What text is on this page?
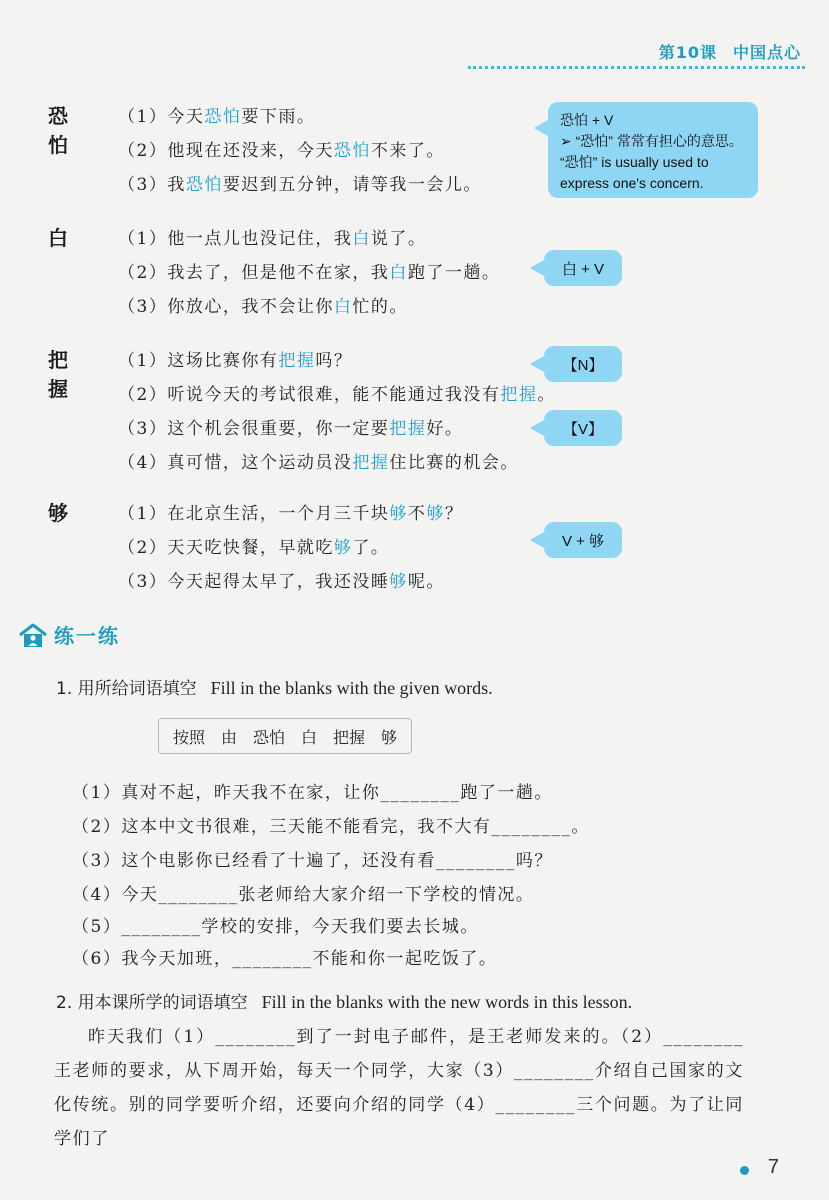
第10课 中国点心
恐怕
（1）今天恐怕要下雨。
（2）他现在还没来，今天恐怕不来了。
（3）我恐怕要迟到五分钟，请等我一会儿。
恐怕 + V
➢ “恐怕” 常常有担心的意思。
“恐怕” is usually used to express one's concern.
白	（1）他一点儿也没记住，我白说了。
（2）我去了，但是他不在家，我白跑了一趟。
（3）你放心，我不会让你白忙的。
白 + V
把握
（1）这场比赛你有把握吗？
（2）听说今天的考试很难，能不能通过我没有把握。
（3）这个机会很重要，你一定要把握好。
（4）真可惜，这个运动员没把握住比赛的机会。
【N】
【V】
够	（1）在北京生活，一个月三千块够不够？
（2）天天吃快餐，早就吃够了。
（3）今天起得太早了，我还没睡够呢。
V + 够
练一练
1. 用所给词语填空 Fill in the blanks with the given words.
按照 由 恐怕 白 把握 够
（1）真对不起，昨天我不在家，让你________跑了一趟。
（2）这本中文书很难，三天能不能看完，我不大有________。
（3）这个电影你已经看了十遍了，还没有看________吗？
（4）今天________张老师给大家介绍一下学校的情况。
（5）________学校的安排，今天我们要去长城。
（6）我今天加班，________不能和你一起吃饭了。
2. 用本课所学的词语填空 Fill in the blanks with the new words in this lesson.
昨天我们（1）________到了一封电子邮件，是王老师发来的。（2）________王老师的要求，从下周开始，每天一个同学，大家（3）________介绍自己国家的文化传统。别的同学要听介绍，还要向介绍的同学（4）________三个问题。为了让同学们了
7
